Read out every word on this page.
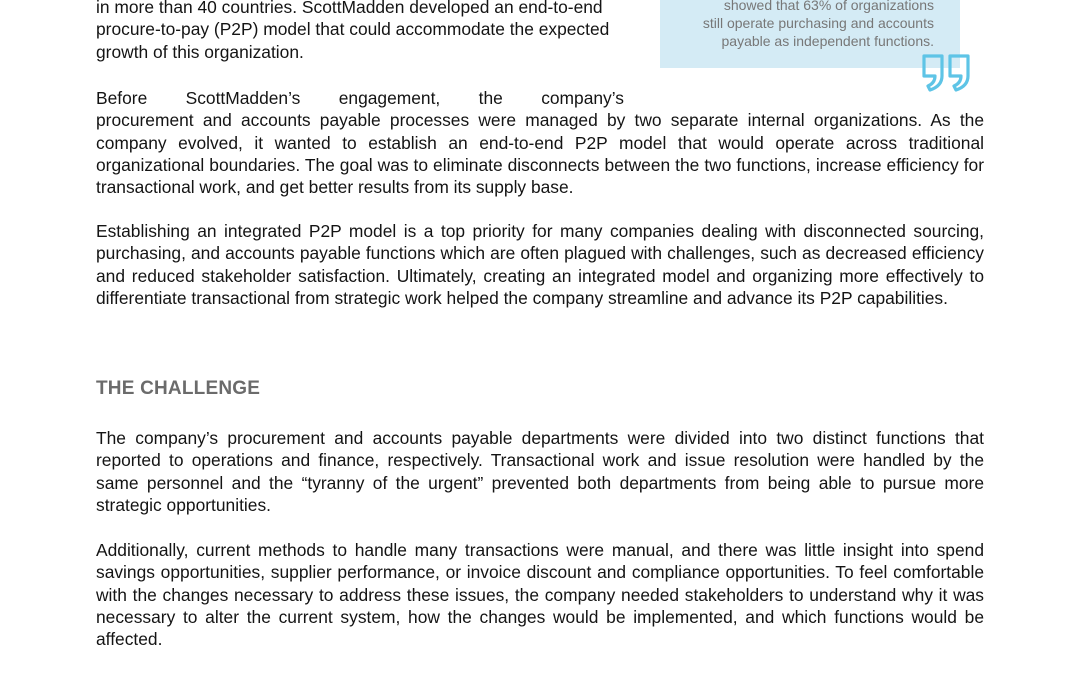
showed that 63% of organizations
still operate purchasing and accounts
payable as independent functions.
in more than 40 countries. ScottMadden developed an end-to-end procure-to-pay (P2P) model that could accommodate the expected growth of this organization.
Before ScottMadden’s engagement, the company’s
procurement and accounts payable processes were managed by two separate internal organizations. As the company evolved, it wanted to establish an end-to-end P2P model that would operate across traditional organizational boundaries. The goal was to eliminate disconnects between the two functions, increase efficiency for transactional work, and get better results from its supply base.
Establishing an integrated P2P model is a top priority for many companies dealing with disconnected sourcing, purchasing, and accounts payable functions which are often plagued with challenges, such as decreased efficiency and reduced stakeholder satisfaction. Ultimately, creating an integrated model and organizing more effectively to differentiate transactional from strategic work helped the company streamline and advance its P2P capabilities.
THE CHALLENGE
The company’s procurement and accounts payable departments were divided into two distinct functions that reported to operations and finance, respectively. Transactional work and issue resolution were handled by the same personnel and the “tyranny of the urgent” prevented both departments from being able to pursue more strategic opportunities.
Additionally, current methods to handle many transactions were manual, and there was little insight into spend savings opportunities, supplier performance, or invoice discount and compliance opportunities. To feel comfortable with the changes necessary to address these issues, the company needed stakeholders to understand why it was necessary to alter the current system, how the changes would be implemented, and which functions would be affected.
